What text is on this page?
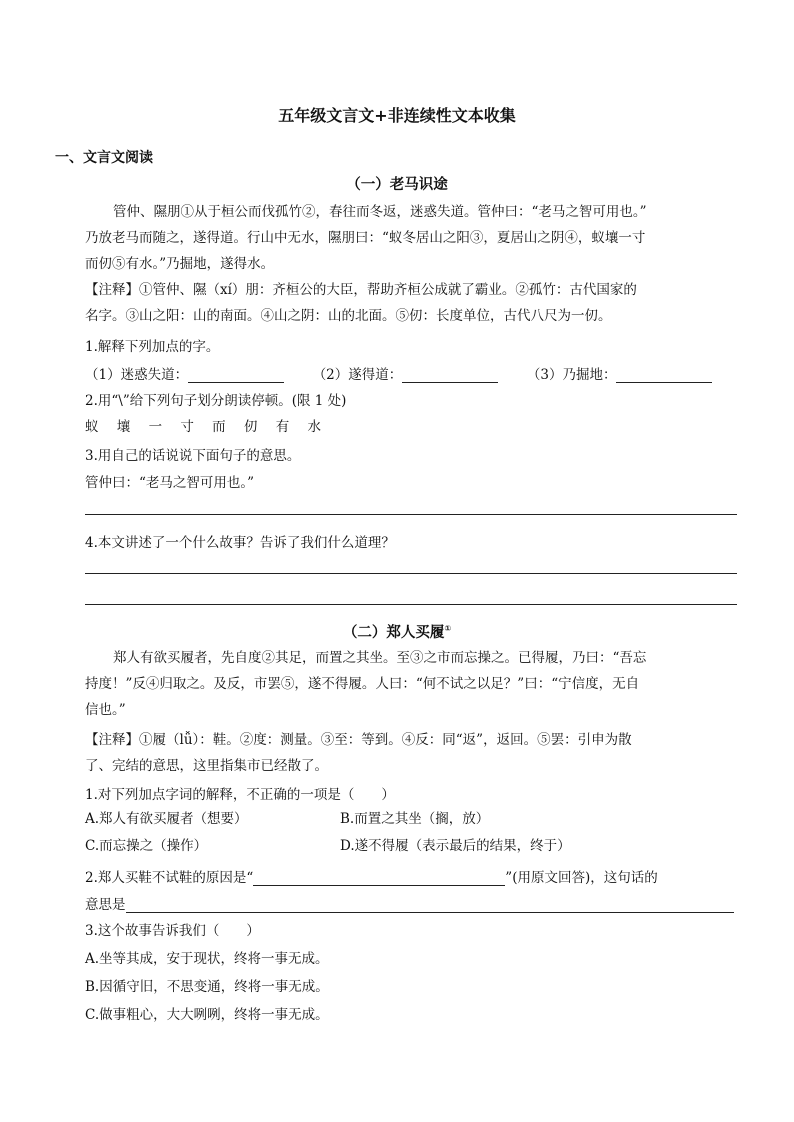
五年级文言文+非连续性文本收集
一、文言文阅读
（一）老马识途

管仲、隰朋①从于桓公而伐孤竹②，春往而冬返，迷惑失道。管仲曰：“老马之智可用也。”

乃放老马而随之，遂得道。行山中无水，隰朋曰：“蚁冬居山之阳③，夏居山之阴④，蚁壤一寸

而仞⑤有水。”乃掘地，遂得水。

【注释】①管仲、隰（xí）朋：齐桓公的大臣，帮助齐桓公成就了霸业。②孤竹：古代国家的

名字。③山之阳：山的南面。④山之阴：山的北面。⑤仞：长度单位，古代八尺为一仞。

1.解释下列加点的字。
（1）迷惑失道：	（2）遂得道：	（3）乃掘地：
2.用“\”给下列句子划分朗读停顿。(限 1 处)
蚁 壤 一 寸 而 仞 有 水
3.用自己的话说说下面句子的意思。
管仲曰：“老马之智可用也。”
4.本文讲述了一个什么故事？告诉了我们什么道理？
（二）郑人买履①

郑人有欲买履者，先自度②其足，而置之其坐。至③之市而忘操之。已得履，乃曰：“吾忘

持度！”反④归取之。及反，市罢⑤，遂不得履。人曰：“何不试之以足？”曰：“宁信度，无自

信也。”

【注释】①履（lǚ）：鞋。②度：测量。③至：等到。④反：同“返”，返回。⑤罢：引申为散

了、完结的意思，这里指集市已经散了。

1.对下列加点字词的解释，不正确的一项是（　　）
A.郑人有欲买履者（想要）	B.而置之其坐（搁，放）
C.而忘操之（操作）	D.遂不得履（表示最后的结果，终于）
2.郑人买鞋不试鞋的原因是“	”(用原文回答)，这句话的
意思是
3.这个故事告诉我们（　　）
A.坐等其成，安于现状，终将一事无成。
B.因循守旧，不思变通，终将一事无成。
C.做事粗心，大大咧咧，终将一事无成。
